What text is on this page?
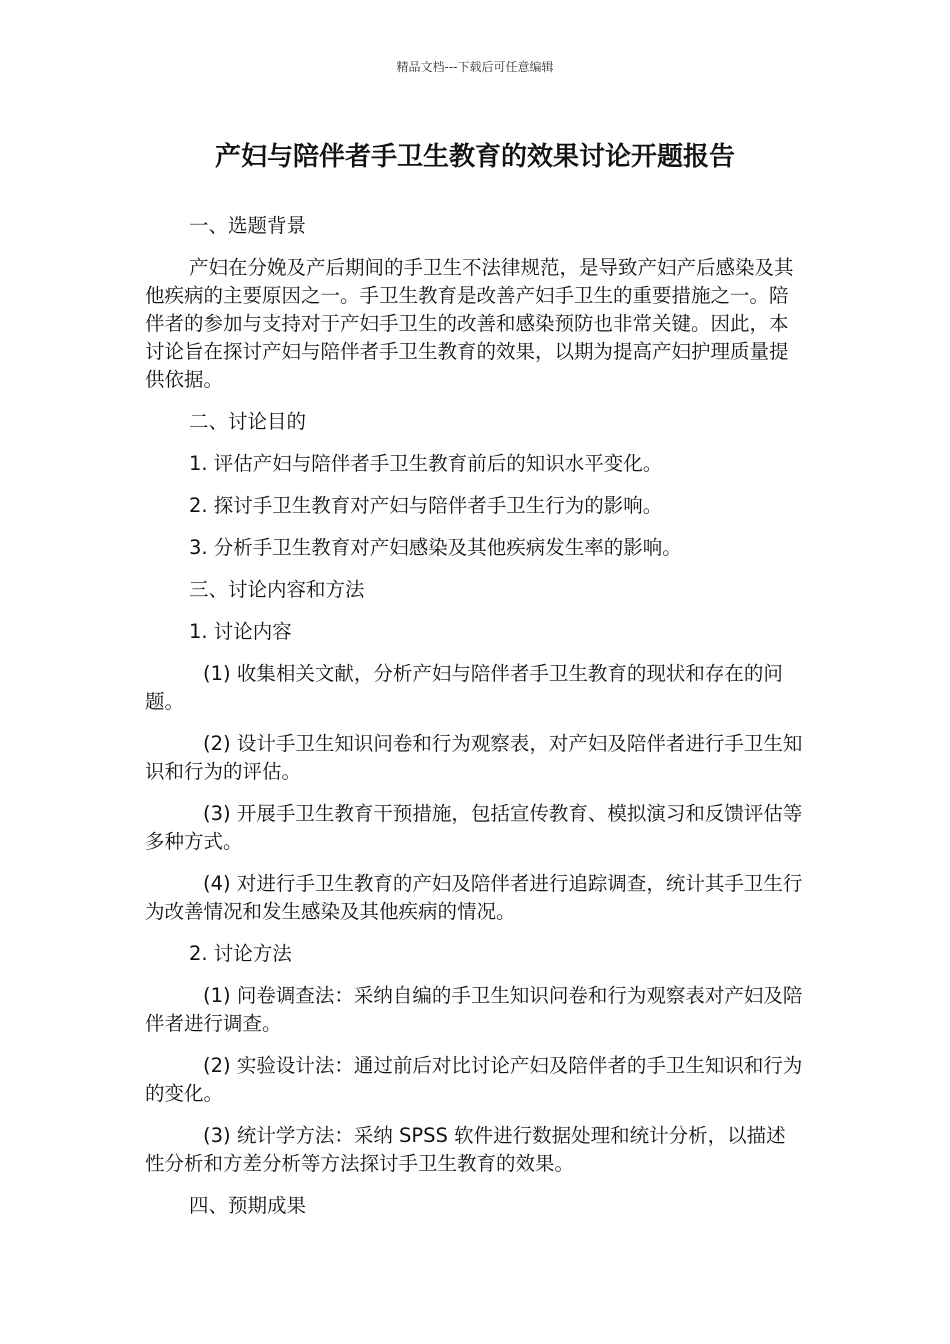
精品文档---下载后可任意编辑
产妇与陪伴者手卫生教育的效果讨论开题报告

一、选题背景

产妇在分娩及产后期间的手卫生不法律规范，是导致产妇产后感染及其他疾病的主要原因之一。手卫生教育是改善产妇手卫生的重要措施之一。陪伴者的参加与支持对于产妇手卫生的改善和感染预防也非常关键。因此，本讨论旨在探讨产妇与陪伴者手卫生教育的效果，以期为提高产妇护理质量提供依据。

二、讨论目的

1. 评估产妇与陪伴者手卫生教育前后的知识水平变化。

2. 探讨手卫生教育对产妇与陪伴者手卫生行为的影响。

3. 分析手卫生教育对产妇感染及其他疾病发生率的影响。

三、讨论内容和方法

1. 讨论内容

(1) 收集相关文献，分析产妇与陪伴者手卫生教育的现状和存在的问题。

(2) 设计手卫生知识问卷和行为观察表，对产妇及陪伴者进行手卫生知识和行为的评估。

(3) 开展手卫生教育干预措施，包括宣传教育、模拟演习和反馈评估等多种方式。

(4) 对进行手卫生教育的产妇及陪伴者进行追踪调查，统计其手卫生行为改善情况和发生感染及其他疾病的情况。

2. 讨论方法

(1) 问卷调查法：采纳自编的手卫生知识问卷和行为观察表对产妇及陪伴者进行调查。

(2) 实验设计法：通过前后对比讨论产妇及陪伴者的手卫生知识和行为的变化。

(3) 统计学方法：采纳 SPSS 软件进行数据处理和统计分析，以描述性分析和方差分析等方法探讨手卫生教育的效果。

四、预期成果
